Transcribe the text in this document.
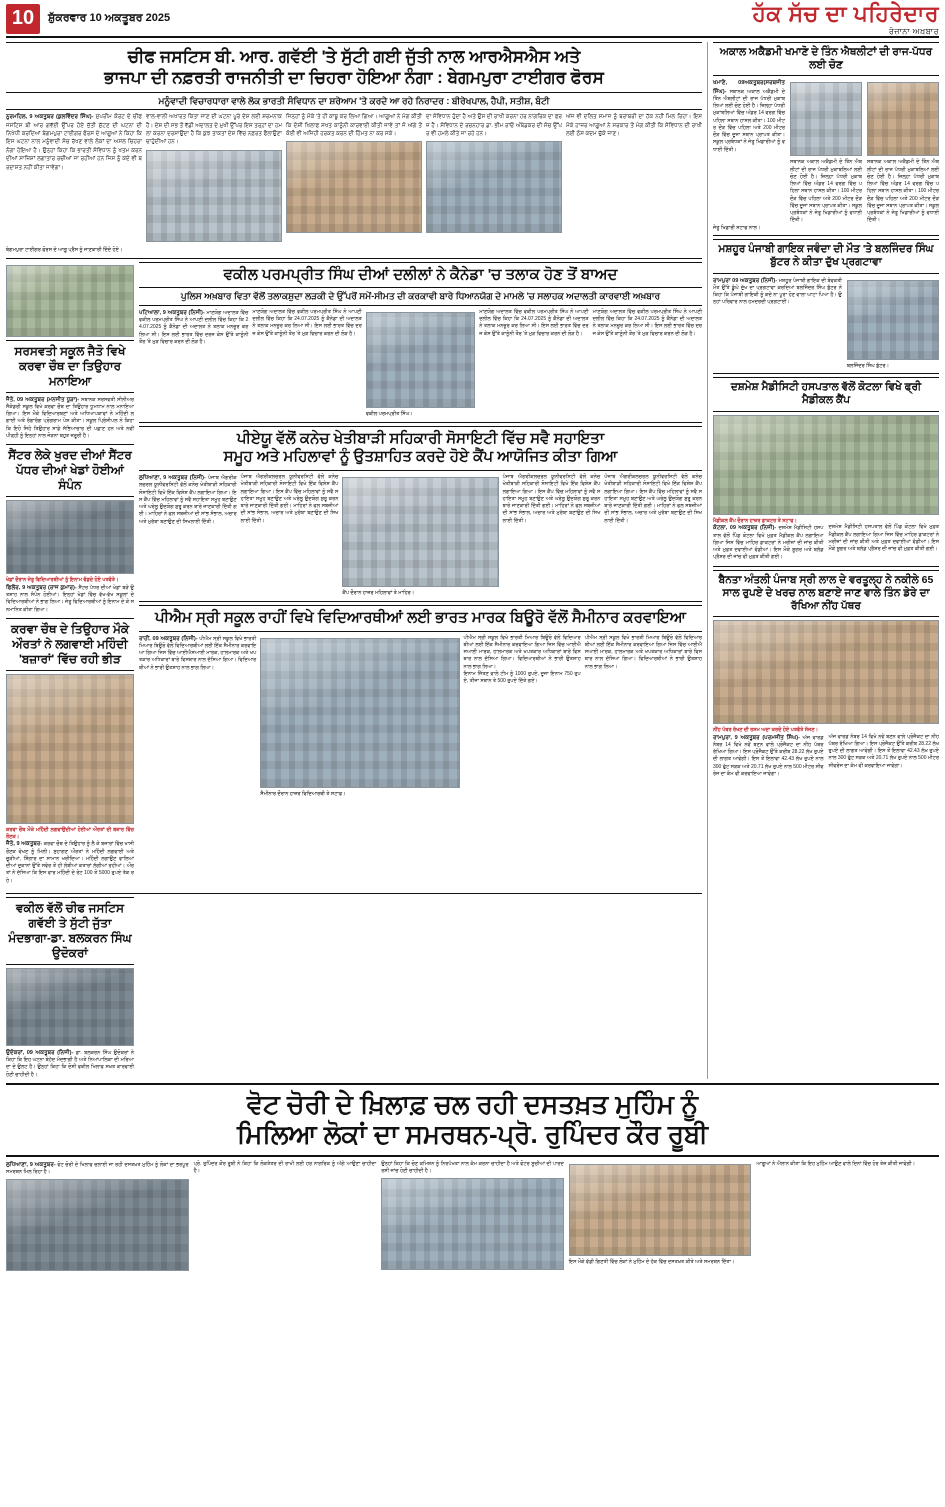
10	ਸ਼ੁੱਕਰਵਾਰ 10 ਅਕਤੂਬਰ 2025	ਹੱਕ ਸੱਚ ਦਾ ਪਹਿਰੇਦਾਰ
ਰੋਜ਼ਾਨਾ ਅਖ਼ਬਾਰ
ਚੀਫ ਜਸਟਿਸ ਬੀ. ਆਰ. ਗਵੱਈ 'ਤੇ ਸੁੱਟੀ ਗਈ ਜੁੱਤੀ ਨਾਲ ਆਰਐਸਐਸ ਅਤੇ
ਭਾਜਪਾ ਦੀ ਨਫ਼ਰਤੀ ਰਾਜਨੀਤੀ ਦਾ ਚਿਹਰਾ ਹੋਇਆ ਨੰਗਾ : ਬੇਗਮਪੁਰਾ ਟਾਈਗਰ ਫੋਰਸ
ਮਨੂੰਵਾਦੀ ਵਿਚਾਰਧਾਰਾ ਵਾਲੇ ਲੋਕ ਭਾਰਤੀ ਸੰਵਿਧਾਨ ਦਾ ਸ਼ਰੇਆਮ 'ਤੇ ਕਰਦੇ ਆ ਰਹੇ ਨਿਰਾਦਰ : ਬੀਰੇਖਪਾਲ, ਹੈਪੀ, ਸਤੀਸ਼, ਬੰਟੀ
ਨੂਰਮਹਿਲ, 9 ਅਕਤੂਬਰ (ਕੁਲਵਿੰਦਰ ਸਿੰਘ)- ਸੁਪਰੀਮ ਕੋਰਟ ਦੇ ਚੀਫ ਜਸਟਿਸ ਬੀ ਆਰ ਗਵੱਈ ਉੱਪਰ ਹੋਏ ਜੁੱਤੀ ਸੁੱਟਣ ਦੀ ਘਟਨਾ ਦੀ ਨਿਖੇਧੀ ਕਰਦਿਆਂ ਬੇਗਮਪੁਰਾ ਟਾਈਗਰ ਫੋਰਸ ਦੇ ਆਗੂਆਂ ਨੇ ਕਿਹਾ ਕਿ ਇਸ ਘਟਨਾ ਨਾਲ ਮਨੂੰਵਾਦੀ ਸੋਚ ਰੱਖਣ ਵਾਲੇ ਲੋਕਾਂ ਦਾ ਅਸਲ ਚਿਹਰਾ ਨੰਗਾ ਹੋਇਆ ਹੈ। ਉਨ੍ਹਾਂ ਕਿਹਾ ਕਿ ਭਾਰਤੀ ਸੰਵਿਧਾਨ ਨੂੰ ਖਤਮ ਕਰਨ ਦੀਆਂ ਸਾਜ਼ਿਸ਼ਾਂ ਲਗਾਤਾਰ ਰਚੀਆਂ ਜਾ ਰਹੀਆਂ ਹਨ ਜਿਸ ਨੂੰ ਕਦੇ ਵੀ ਬਰਦਾਸ਼ਤ ਨਹੀਂ ਕੀਤਾ ਜਾਵੇਗਾ।
ਵਾਲ-ਵਾਲੀ ਅਖਾਰਤ ਕਿਤਾ ਜਾਣ ਦੀ ਘਟਨਾ ਪੂਰੇ ਦੇਸ਼ ਲਈ ਸ਼ਰਮਨਾਕ ਹੈ। ਦੇਸ਼ ਦੀ ਸਭ ਤੋਂ ਵੱਡੀ ਅਦਾਲਤ ਦੇ ਮੁਖੀ ਉੱਪਰ ਇਸ ਤਰ੍ਹਾਂ ਦਾ ਹਮਲਾ ਕਰਨਾ ਦਰਸਾਉਂਦਾ ਹੈ ਕਿ ਕੁਝ ਤਾਕਤਾਂ ਦੇਸ਼ ਵਿੱਚ ਨਫ਼ਰਤ ਫੈਲਾਉਣਾ ਚਾਹੁੰਦੀਆਂ ਹਨ।
ਜਿਨ੍ਹਾਂ ਨੂੰ ਮੌਕੇ 'ਤੇ ਹੀ ਕਾਬੂ ਕਰ ਲਿਆ ਗਿਆ। ਆਗੂਆਂ ਨੇ ਮੰਗ ਕੀਤੀ ਕਿ ਦੋਸ਼ੀ ਖਿਲਾਫ ਸਖਤ ਕਾਨੂੰਨੀ ਕਾਰਵਾਈ ਕੀਤੀ ਜਾਵੇ ਤਾਂ ਜੋ ਅੱਗੇ ਤੋਂ ਕੋਈ ਵੀ ਅਜਿਹੀ ਹਰਕਤ ਕਰਨ ਦੀ ਹਿੰਮਤ ਨਾ ਕਰ ਸਕੇ।
ਦਾ ਸੰਵਿਧਾਨ ਹੁੰਦਾ ਹੈ ਅਤੇ ਉਸ ਦੀ ਰਾਖੀ ਕਰਨਾ ਹਰ ਨਾਗਰਿਕ ਦਾ ਫਰਜ਼ ਹੈ। ਸੰਵਿਧਾਨ ਦੇ ਰਚਨਹਾਰ ਡਾ. ਭੀਮ ਰਾਓ ਅੰਬੇਡਕਰ ਦੀ ਸੋਚ ਉੱਪਰ ਵੀ ਹਮਲੇ ਕੀਤੇ ਜਾ ਰਹੇ ਹਨ।
ਅੱਜ ਵੀ ਦਲਿਤ ਸਮਾਜ ਨੂੰ ਬਰਾਬਰੀ ਦਾ ਹੱਕ ਨਹੀਂ ਮਿਲ ਰਿਹਾ। ਇਸ ਮੌਕੇ ਹਾਜ਼ਰ ਆਗੂਆਂ ਨੇ ਸਰਕਾਰ ਤੋਂ ਮੰਗ ਕੀਤੀ ਕਿ ਸੰਵਿਧਾਨ ਦੀ ਰਾਖੀ ਲਈ ਠੋਸ ਕਦਮ ਚੁੱਕੇ ਜਾਣ।
ਬੇਗਮਪੁਰਾ ਟਾਈਗਰ ਫੋਰਸ ਦੇ ਆਗੂ ਪ੍ਰੈਸ ਨੂੰ ਜਾਣਕਾਰੀ ਦਿੰਦੇ ਹੋਏ।
ਸਰਸਵਤੀ ਸਕੂਲ ਜੈਤੋ ਵਿਖੇ ਕਰਵਾ ਚੌਥ ਦਾ ਤਿਉਹਾਰ ਮਨਾਇਆ
ਜੈਤੋ, 09 ਅਕਤੂਬਰ (ਮਨਜੀਤ ਧੂੜਾ)- ਸਥਾਨਕ ਸਰਸਵਤੀ ਸੀਨੀਅਰ ਸੈਕੰਡਰੀ ਸਕੂਲ ਵਿਖੇ ਕਰਵਾ ਚੌਥ ਦਾ ਤਿਉਹਾਰ ਧੂਮਧਾਮ ਨਾਲ ਮਨਾਇਆ ਗਿਆ। ਇਸ ਮੌਕੇ ਵਿਦਿਆਰਥਣਾਂ ਅਤੇ ਅਧਿਆਪਕਾਵਾਂ ਨੇ ਮਹਿੰਦੀ ਲਗਾਈ ਅਤੇ ਰੰਗਾਰੰਗ ਪ੍ਰੋਗਰਾਮ ਪੇਸ਼ ਕੀਤਾ। ਸਕੂਲ ਪ੍ਰਿੰਸੀਪਲ ਨੇ ਕਿਹਾ ਕਿ ਇਹੋ ਜਿਹੇ ਤਿਉਹਾਰ ਸਾਡੇ ਸੱਭਿਆਚਾਰ ਦੀ ਪਛਾਣ ਹਨ ਅਤੇ ਨਵੀਂ ਪੀੜ੍ਹੀ ਨੂੰ ਇਨ੍ਹਾਂ ਨਾਲ ਜੋੜਨਾ ਬਹੁਤ ਜ਼ਰੂਰੀ ਹੈ।
ਸੈਂਟਰ ਲੇਕੇ ਖੁਰਦ ਦੀਆਂ ਸੈਂਟਰ ਪੱਧਰ ਦੀਆਂ ਖੇਡਾਂ ਹੋਈਆਂ ਸੰਪੰਨ
ਖੇਡਾਂ ਦੌਰਾਨ ਜੇਤੂ ਵਿਦਿਆਰਥੀਆਂ ਨੂੰ ਇਨਾਮ ਵੰਡਦੇ ਹੋਏ ਪਤਵੰਤੇ।
ਫਿਲੌਰ, 9 ਅਕਤੂਬਰ (ਰਾਜ ਕੁਮਾਰ)- ਸੈਂਟਰ ਪੱਧਰ ਦੀਆਂ ਖੇਡਾਂ ਬੜੇ ਉਤਸ਼ਾਹ ਨਾਲ ਸੰਪੰਨ ਹੋਈਆਂ। ਇਨ੍ਹਾਂ ਖੇਡਾਂ ਵਿੱਚ ਵੱਖ-ਵੱਖ ਸਕੂਲਾਂ ਦੇ ਵਿਦਿਆਰਥੀਆਂ ਨੇ ਭਾਗ ਲਿਆ। ਜੇਤੂ ਵਿਦਿਆਰਥੀਆਂ ਨੂੰ ਇਨਾਮ ਦੇ ਕੇ ਸਨਮਾਨਿਤ ਕੀਤਾ ਗਿਆ।
ਕਰਵਾ ਚੌਥ ਦੇ ਤਿਉਹਾਰ ਮੌਕੇ ਔਰਤਾਂ ਨੇ ਲਗਵਾਈ ਮਹਿੰਦੀ 'ਬਜ਼ਾਰਾਂ' ਵਿੱਚ ਰਹੀ ਭੀੜ
ਕਰਵਾ ਚੌਥ ਮੌਕੇ ਮਹਿੰਦੀ ਲਗਵਾਉਂਦੀਆਂ ਹੋਈਆਂ ਔਰਤਾਂ ਦੀ ਬਜ਼ਾਰ ਵਿੱਚ ਰੌਣਕ।
ਜੈਤੋ, 9 ਅਕਤੂਬਰ- ਕਰਵਾ ਚੌਥ ਦੇ ਤਿਉਹਾਰ ਨੂੰ ਲੈ ਕੇ ਬਜ਼ਾਰਾਂ ਵਿੱਚ ਖਾਸੀ ਰੌਣਕ ਵੇਖਣ ਨੂੰ ਮਿਲੀ। ਸੁਹਾਗਣ ਔਰਤਾਂ ਨੇ ਮਹਿੰਦੀ ਲਗਵਾਈ ਅਤੇ ਚੂੜੀਆਂ, ਸ਼ਿੰਗਾਰ ਦਾ ਸਾਮਾਨ ਖਰੀਦਿਆ। ਮਹਿੰਦੀ ਲਗਾਉਣ ਵਾਲਿਆਂ ਦੀਆਂ ਦੁਕਾਨਾਂ ਉੱਤੇ ਸਵੇਰ ਤੋਂ ਹੀ ਲੰਬੀਆਂ ਕਤਾਰਾਂ ਲੱਗੀਆਂ ਰਹੀਆਂ। ਔਰਤਾਂ ਨੇ ਦੱਸਿਆ ਕਿ ਇਸ ਵਾਰ ਮਹਿੰਦੀ ਦੇ ਰੇਟ 100 ਤੋਂ 5000 ਰੁਪਏ ਤੱਕ ਰਹੇ।
ਵਕੀਲ ਪਰਮਪ੍ਰੀਤ ਸਿੰਘ ਦੀਆਂ ਦਲੀਲਾਂ ਨੇ ਕੈਨੇਡਾ 'ਚ ਤਲਾਕ ਹੋਣ ਤੋਂ ਬਾਅਦ
ਪੁਲਿਸ ਅਖ਼ਬਾਰ ਵਿਤਾ ਵੱਲੋਂ ਤਲਾਕਸ਼ੁਦਾ ਲੜਕੀ ਦੇ ਉੱਪਰੋਂ ਸਮੇਂ-ਸੀਮਤ ਦੀ ਕਰਕਾਵੀ ਬਾਰੇ ਧਿਆਨਯੋਗ ਦੇ ਮਾਮਲੇ 'ਚ ਸਲਾਹਕ ਅਦਾਲਤੀ ਕਾਰਵਾਈ ਅਖ਼ਬਾਰ
ਪਟਿਆਲਾ, 9 ਅਕਤੂਬਰ (ਨਿਜੀ)- ਮਾਣਯੋਗ ਅਦਾਲਤ ਵਿੱਚ ਵਕੀਲ ਪਰਮਪ੍ਰੀਤ ਸਿੰਘ ਨੇ ਆਪਣੀ ਦਲੀਲ ਵਿੱਚ ਕਿਹਾ ਕਿ 24.07.2025 ਨੂੰ ਕੈਨੇਡਾ ਦੀ ਅਦਾਲਤ ਨੇ ਤਲਾਕ ਮਨਜ਼ੂਰ ਕਰ ਲਿਆ ਸੀ। ਇਸ ਲਈ ਭਾਰਤ ਵਿੱਚ ਦਰਜ ਕੇਸ ਉੱਤੇ ਕਾਨੂੰਨੀ ਤੌਰ 'ਤੇ ਮੁੜ ਵਿਚਾਰ ਕਰਨ ਦੀ ਲੋੜ ਹੈ।
ਮਾਣਯੋਗ ਅਦਾਲਤ ਵਿੱਚ ਵਕੀਲ ਪਰਮਪ੍ਰੀਤ ਸਿੰਘ ਨੇ ਆਪਣੀ ਦਲੀਲ ਵਿੱਚ ਕਿਹਾ ਕਿ 24.07.2025 ਨੂੰ ਕੈਨੇਡਾ ਦੀ ਅਦਾਲਤ ਨੇ ਤਲਾਕ ਮਨਜ਼ੂਰ ਕਰ ਲਿਆ ਸੀ। ਇਸ ਲਈ ਭਾਰਤ ਵਿੱਚ ਦਰਜ ਕੇਸ ਉੱਤੇ ਕਾਨੂੰਨੀ ਤੌਰ 'ਤੇ ਮੁੜ ਵਿਚਾਰ ਕਰਨ ਦੀ ਲੋੜ ਹੈ।
ਵਕੀਲ ਪਰਮਪ੍ਰੀਤ ਸਿੰਘ।
ਮਾਣਯੋਗ ਅਦਾਲਤ ਵਿੱਚ ਵਕੀਲ ਪਰਮਪ੍ਰੀਤ ਸਿੰਘ ਨੇ ਆਪਣੀ ਦਲੀਲ ਵਿੱਚ ਕਿਹਾ ਕਿ 24.07.2025 ਨੂੰ ਕੈਨੇਡਾ ਦੀ ਅਦਾਲਤ ਨੇ ਤਲਾਕ ਮਨਜ਼ੂਰ ਕਰ ਲਿਆ ਸੀ। ਇਸ ਲਈ ਭਾਰਤ ਵਿੱਚ ਦਰਜ ਕੇਸ ਉੱਤੇ ਕਾਨੂੰਨੀ ਤੌਰ 'ਤੇ ਮੁੜ ਵਿਚਾਰ ਕਰਨ ਦੀ ਲੋੜ ਹੈ।
ਮਾਣਯੋਗ ਅਦਾਲਤ ਵਿੱਚ ਵਕੀਲ ਪਰਮਪ੍ਰੀਤ ਸਿੰਘ ਨੇ ਆਪਣੀ ਦਲੀਲ ਵਿੱਚ ਕਿਹਾ ਕਿ 24.07.2025 ਨੂੰ ਕੈਨੇਡਾ ਦੀ ਅਦਾਲਤ ਨੇ ਤਲਾਕ ਮਨਜ਼ੂਰ ਕਰ ਲਿਆ ਸੀ। ਇਸ ਲਈ ਭਾਰਤ ਵਿੱਚ ਦਰਜ ਕੇਸ ਉੱਤੇ ਕਾਨੂੰਨੀ ਤੌਰ 'ਤੇ ਮੁੜ ਵਿਚਾਰ ਕਰਨ ਦੀ ਲੋੜ ਹੈ।
ਪੀਏਯੂ ਵੱਲੋਂ ਕਨੇਚ ਖੇਤੀਬਾੜੀ ਸਹਿਕਾਰੀ ਸੋਸਾਇਟੀ ਵਿੱਚ ਸਵੈ ਸਹਾਇਤਾ
ਸਮੂਹ ਅਤੇ ਮਹਿਲਾਵਾਂ ਨੂੰ ਉਤਸ਼ਾਹਿਤ ਕਰਦੇ ਹੋਏ ਕੈਂਪ ਆਯੋਜਿਤ ਕੀਤਾ ਗਿਆ
ਲੁਧਿਆਣਾ, 9 ਅਕਤੂਬਰ (ਨਿਜੀ)- ਪੰਜਾਬ ਐਗਰੀਕਲਚਰਲ ਯੂਨੀਵਰਸਿਟੀ ਵੱਲੋਂ ਕਨੇਚ ਖੇਤੀਬਾੜੀ ਸਹਿਕਾਰੀ ਸੋਸਾਇਟੀ ਵਿਖੇ ਇੱਕ ਵਿਸ਼ੇਸ਼ ਕੈਂਪ ਲਗਾਇਆ ਗਿਆ। ਇਸ ਕੈਂਪ ਵਿੱਚ ਮਹਿਲਾਵਾਂ ਨੂੰ ਸਵੈ ਸਹਾਇਤਾ ਸਮੂਹ ਬਣਾਉਣ ਅਤੇ ਘਰੇਲੂ ਉਦਯੋਗ ਸ਼ੁਰੂ ਕਰਨ ਬਾਰੇ ਜਾਣਕਾਰੀ ਦਿੱਤੀ ਗਈ। ਮਾਹਿਰਾਂ ਨੇ ਫਲ ਸਬਜ਼ੀਆਂ ਦੀ ਸਾਂਭ ਸੰਭਾਲ, ਅਚਾਰ ਅਤੇ ਮੁਰੱਬਾ ਬਣਾਉਣ ਦੀ ਸਿਖਲਾਈ ਦਿੱਤੀ।
ਪੰਜਾਬ ਐਗਰੀਕਲਚਰਲ ਯੂਨੀਵਰਸਿਟੀ ਵੱਲੋਂ ਕਨੇਚ ਖੇਤੀਬਾੜੀ ਸਹਿਕਾਰੀ ਸੋਸਾਇਟੀ ਵਿਖੇ ਇੱਕ ਵਿਸ਼ੇਸ਼ ਕੈਂਪ ਲਗਾਇਆ ਗਿਆ। ਇਸ ਕੈਂਪ ਵਿੱਚ ਮਹਿਲਾਵਾਂ ਨੂੰ ਸਵੈ ਸਹਾਇਤਾ ਸਮੂਹ ਬਣਾਉਣ ਅਤੇ ਘਰੇਲੂ ਉਦਯੋਗ ਸ਼ੁਰੂ ਕਰਨ ਬਾਰੇ ਜਾਣਕਾਰੀ ਦਿੱਤੀ ਗਈ। ਮਾਹਿਰਾਂ ਨੇ ਫਲ ਸਬਜ਼ੀਆਂ ਦੀ ਸਾਂਭ ਸੰਭਾਲ, ਅਚਾਰ ਅਤੇ ਮੁਰੱਬਾ ਬਣਾਉਣ ਦੀ ਸਿਖਲਾਈ ਦਿੱਤੀ।
ਕੈਂਪ ਦੌਰਾਨ ਹਾਜ਼ਰ ਮਹਿਲਾਵਾਂ ਤੇ ਮਾਹਿਰ।
ਪੰਜਾਬ ਐਗਰੀਕਲਚਰਲ ਯੂਨੀਵਰਸਿਟੀ ਵੱਲੋਂ ਕਨੇਚ ਖੇਤੀਬਾੜੀ ਸਹਿਕਾਰੀ ਸੋਸਾਇਟੀ ਵਿਖੇ ਇੱਕ ਵਿਸ਼ੇਸ਼ ਕੈਂਪ ਲਗਾਇਆ ਗਿਆ। ਇਸ ਕੈਂਪ ਵਿੱਚ ਮਹਿਲਾਵਾਂ ਨੂੰ ਸਵੈ ਸਹਾਇਤਾ ਸਮੂਹ ਬਣਾਉਣ ਅਤੇ ਘਰੇਲੂ ਉਦਯੋਗ ਸ਼ੁਰੂ ਕਰਨ ਬਾਰੇ ਜਾਣਕਾਰੀ ਦਿੱਤੀ ਗਈ। ਮਾਹਿਰਾਂ ਨੇ ਫਲ ਸਬਜ਼ੀਆਂ ਦੀ ਸਾਂਭ ਸੰਭਾਲ, ਅਚਾਰ ਅਤੇ ਮੁਰੱਬਾ ਬਣਾਉਣ ਦੀ ਸਿਖਲਾਈ ਦਿੱਤੀ।
ਪੰਜਾਬ ਐਗਰੀਕਲਚਰਲ ਯੂਨੀਵਰਸਿਟੀ ਵੱਲੋਂ ਕਨੇਚ ਖੇਤੀਬਾੜੀ ਸਹਿਕਾਰੀ ਸੋਸਾਇਟੀ ਵਿਖੇ ਇੱਕ ਵਿਸ਼ੇਸ਼ ਕੈਂਪ ਲਗਾਇਆ ਗਿਆ। ਇਸ ਕੈਂਪ ਵਿੱਚ ਮਹਿਲਾਵਾਂ ਨੂੰ ਸਵੈ ਸਹਾਇਤਾ ਸਮੂਹ ਬਣਾਉਣ ਅਤੇ ਘਰੇਲੂ ਉਦਯੋਗ ਸ਼ੁਰੂ ਕਰਨ ਬਾਰੇ ਜਾਣਕਾਰੀ ਦਿੱਤੀ ਗਈ। ਮਾਹਿਰਾਂ ਨੇ ਫਲ ਸਬਜ਼ੀਆਂ ਦੀ ਸਾਂਭ ਸੰਭਾਲ, ਅਚਾਰ ਅਤੇ ਮੁਰੱਬਾ ਬਣਾਉਣ ਦੀ ਸਿਖਲਾਈ ਦਿੱਤੀ।
ਪੀਐਮ ਸ੍ਰੀ ਸਕੂਲ ਰਾਹੀਂ ਵਿਖੇ ਵਿਦਿਆਰਥੀਆਂ ਲਈ ਭਾਰਤ ਮਾਰਕ ਬਿਊਰੋ ਵੱਲੋਂ ਸੈਮੀਨਾਰ ਕਰਵਾਇਆ
ਰਾਹੀਂ, 09 ਅਕਤੂਬਰ (ਨਿਜੀ)- ਪੀਐਮ ਸ੍ਰੀ ਸਕੂਲ ਵਿਖੇ ਭਾਰਤੀ ਮਿਆਰ ਬਿਊਰੋ ਵੱਲੋਂ ਵਿਦਿਆਰਥੀਆਂ ਲਈ ਇੱਕ ਸੈਮੀਨਾਰ ਕਰਵਾਇਆ ਗਿਆ ਜਿਸ ਵਿੱਚ ਆਈਐਸਆਈ ਮਾਰਕ, ਹਾਲਮਾਰਕ ਅਤੇ ਖਪਤਕਾਰ ਅਧਿਕਾਰਾਂ ਬਾਰੇ ਵਿਸਥਾਰ ਨਾਲ ਦੱਸਿਆ ਗਿਆ। ਵਿਦਿਆਰਥੀਆਂ ਨੇ ਭਾਰੀ ਉਤਸ਼ਾਹ ਨਾਲ ਭਾਗ ਲਿਆ।
ਸੈਮੀਨਾਰ ਦੌਰਾਨ ਹਾਜ਼ਰ ਵਿਦਿਆਰਥੀ ਤੇ ਸਟਾਫ।
ਪੀਐਮ ਸ੍ਰੀ ਸਕੂਲ ਵਿਖੇ ਭਾਰਤੀ ਮਿਆਰ ਬਿਊਰੋ ਵੱਲੋਂ ਵਿਦਿਆਰਥੀਆਂ ਲਈ ਇੱਕ ਸੈਮੀਨਾਰ ਕਰਵਾਇਆ ਗਿਆ ਜਿਸ ਵਿੱਚ ਆਈਐਸਆਈ ਮਾਰਕ, ਹਾਲਮਾਰਕ ਅਤੇ ਖਪਤਕਾਰ ਅਧਿਕਾਰਾਂ ਬਾਰੇ ਵਿਸਥਾਰ ਨਾਲ ਦੱਸਿਆ ਗਿਆ। ਵਿਦਿਆਰਥੀਆਂ ਨੇ ਭਾਰੀ ਉਤਸ਼ਾਹ ਨਾਲ ਭਾਗ ਲਿਆ।
ਇਨਾਮ ਜਿੱਤਣ ਵਾਲੇ ਟੀਮ ਨੂੰ 1000 ਰੁਪਏ, ਦੂਜਾ ਇਨਾਮ 750 ਰੁਪਏ, ਤੀਜਾ ਸਥਾਨ ਤੇ 500 ਰੁਪਏ ਦਿੱਤੇ ਗਏ।
ਪੀਐਮ ਸ੍ਰੀ ਸਕੂਲ ਵਿਖੇ ਭਾਰਤੀ ਮਿਆਰ ਬਿਊਰੋ ਵੱਲੋਂ ਵਿਦਿਆਰਥੀਆਂ ਲਈ ਇੱਕ ਸੈਮੀਨਾਰ ਕਰਵਾਇਆ ਗਿਆ ਜਿਸ ਵਿੱਚ ਆਈਐਸਆਈ ਮਾਰਕ, ਹਾਲਮਾਰਕ ਅਤੇ ਖਪਤਕਾਰ ਅਧਿਕਾਰਾਂ ਬਾਰੇ ਵਿਸਥਾਰ ਨਾਲ ਦੱਸਿਆ ਗਿਆ। ਵਿਦਿਆਰਥੀਆਂ ਨੇ ਭਾਰੀ ਉਤਸ਼ਾਹ ਨਾਲ ਭਾਗ ਲਿਆ।
ਵਕੀਲ ਵੱਲੋਂ ਚੀਫ ਜਸਟਿਸ ਗਵੱਈ ਤੇ ਸੁੱਟੀ ਜੁੱਤਾ ਮੰਦਭਾਗਾ-ਡਾ. ਬਲਕਰਨ ਸਿੰਘ ਉਦੋਕਰਾਂ
ਉਦੋਕਰਾਂ, 09 ਅਕਤੂਬਰ (ਨਿਜੀ)- ਡਾ. ਬਲਕਰਨ ਸਿੰਘ ਉਦੋਕਰਾਂ ਨੇ ਕਿਹਾ ਕਿ ਇਹ ਘਟਨਾ ਬੇਹੱਦ ਮੰਦਭਾਗੀ ਹੈ ਅਤੇ ਨਿਆਂਪਾਲਿਕਾ ਦੀ ਮਰਿਆਦਾ ਦੇ ਉਲਟ ਹੈ। ਉਨ੍ਹਾਂ ਕਿਹਾ ਕਿ ਦੋਸ਼ੀ ਵਕੀਲ ਖਿਲਾਫ ਸਖ਼ਤ ਕਾਰਵਾਈ ਹੋਣੀ ਚਾਹੀਦੀ ਹੈ।
ਅਕਾਲ ਅਕੈਡਮੀ ਖਮਾਣੋ ਦੇ ਤਿੰਨ ਐਥਲੀਟਾਂ ਦੀ ਰਾਜ-ਪੱਧਰ ਲਈ ਚੋਣ
ਖਮਾਣੋ, 09ਅਕਤੂਬਰ(ਸਰਬਜੀਤ ਸਿੰਘ)- ਸਥਾਨਕ ਅਕਾਲ ਅਕੈਡਮੀ ਦੇ ਤਿੰਨ ਐਥਲੀਟਾਂ ਦੀ ਰਾਜ ਪੱਧਰੀ ਮੁਕਾਬਲਿਆਂ ਲਈ ਚੋਣ ਹੋਈ ਹੈ। ਜ਼ਿਲ੍ਹਾ ਪੱਧਰੀ ਮੁਕਾਬਲਿਆਂ ਵਿੱਚ ਅੰਡਰ 14 ਵਰਗ ਵਿੱਚ ਪਹਿਲਾ ਸਥਾਨ ਹਾਸਲ ਕੀਤਾ। 100 ਮੀਟਰ ਦੌੜ ਵਿੱਚ ਪਹਿਲਾ ਅਤੇ 200 ਮੀਟਰ ਦੌੜ ਵਿੱਚ ਦੂਜਾ ਸਥਾਨ ਪ੍ਰਾਪਤ ਕੀਤਾ। ਸਕੂਲ ਪ੍ਰਬੰਧਕਾਂ ਨੇ ਜੇਤੂ ਖਿਡਾਰੀਆਂ ਨੂੰ ਵਧਾਈ ਦਿੱਤੀ।
ਸਥਾਨਕ ਅਕਾਲ ਅਕੈਡਮੀ ਦੇ ਤਿੰਨ ਐਥਲੀਟਾਂ ਦੀ ਰਾਜ ਪੱਧਰੀ ਮੁਕਾਬਲਿਆਂ ਲਈ ਚੋਣ ਹੋਈ ਹੈ। ਜ਼ਿਲ੍ਹਾ ਪੱਧਰੀ ਮੁਕਾਬਲਿਆਂ ਵਿੱਚ ਅੰਡਰ 14 ਵਰਗ ਵਿੱਚ ਪਹਿਲਾ ਸਥਾਨ ਹਾਸਲ ਕੀਤਾ। 100 ਮੀਟਰ ਦੌੜ ਵਿੱਚ ਪਹਿਲਾ ਅਤੇ 200 ਮੀਟਰ ਦੌੜ ਵਿੱਚ ਦੂਜਾ ਸਥਾਨ ਪ੍ਰਾਪਤ ਕੀਤਾ। ਸਕੂਲ ਪ੍ਰਬੰਧਕਾਂ ਨੇ ਜੇਤੂ ਖਿਡਾਰੀਆਂ ਨੂੰ ਵਧਾਈ ਦਿੱਤੀ।
ਸਥਾਨਕ ਅਕਾਲ ਅਕੈਡਮੀ ਦੇ ਤਿੰਨ ਐਥਲੀਟਾਂ ਦੀ ਰਾਜ ਪੱਧਰੀ ਮੁਕਾਬਲਿਆਂ ਲਈ ਚੋਣ ਹੋਈ ਹੈ। ਜ਼ਿਲ੍ਹਾ ਪੱਧਰੀ ਮੁਕਾਬਲਿਆਂ ਵਿੱਚ ਅੰਡਰ 14 ਵਰਗ ਵਿੱਚ ਪਹਿਲਾ ਸਥਾਨ ਹਾਸਲ ਕੀਤਾ। 100 ਮੀਟਰ ਦੌੜ ਵਿੱਚ ਪਹਿਲਾ ਅਤੇ 200 ਮੀਟਰ ਦੌੜ ਵਿੱਚ ਦੂਜਾ ਸਥਾਨ ਪ੍ਰਾਪਤ ਕੀਤਾ। ਸਕੂਲ ਪ੍ਰਬੰਧਕਾਂ ਨੇ ਜੇਤੂ ਖਿਡਾਰੀਆਂ ਨੂੰ ਵਧਾਈ ਦਿੱਤੀ।
ਜੇਤੂ ਖਿਡਾਰੀ ਸਟਾਫ ਨਾਲ।
ਮਸ਼ਹੂਰ ਪੰਜਾਬੀ ਗਾਇਕ ਜਵੰਦਾ ਦੀ ਮੌਤ 'ਤੇ ਬਲਜਿੰਦਰ ਸਿੰਘ ਬੁੱਟਰ ਨੇ ਕੀਤਾ ਦੁੱਖ ਪ੍ਰਗਟਾਵਾ
ਰਾਮਪੁਰਾ 09 ਅਕਤੂਬਰ (ਨਿਜੀ)- ਮਸ਼ਹੂਰ ਪੰਜਾਬੀ ਗਾਇਕ ਦੀ ਬੇਵਕਤੀ ਮੌਤ ਉੱਤੇ ਡੂੰਘੇ ਦੁੱਖ ਦਾ ਪ੍ਰਗਟਾਵਾ ਕਰਦਿਆਂ ਬਲਜਿੰਦਰ ਸਿੰਘ ਬੁੱਟਰ ਨੇ ਕਿਹਾ ਕਿ ਪੰਜਾਬੀ ਗਾਇਕੀ ਨੂੰ ਕਦੇ ਨਾ ਪੂਰਾ ਹੋਣ ਵਾਲਾ ਘਾਟਾ ਪਿਆ ਹੈ। ਉਨ੍ਹਾਂ ਪਰਿਵਾਰ ਨਾਲ ਹਮਦਰਦੀ ਪ੍ਰਗਟਾਈ।
ਬਲਜਿੰਦਰ ਸਿੰਘ ਬੁੱਟਰ।
ਦਸ਼ਮੇਸ਼ ਮੈਡੀਸਿਟੀ ਹਸਪਤਾਲ ਵੱਲੋਂ ਕੋਟਲਾ ਵਿਖੇ ਫ੍ਰੀ ਮੈਡੀਕਲ ਕੈਂਪ
ਮੈਡੀਕਲ ਕੈਂਪ ਦੌਰਾਨ ਹਾਜ਼ਰ ਡਾਕਟਰ ਤੇ ਸਟਾਫ।
ਕੋਟਲਾ, 09 ਅਕਤੂਬਰ (ਨਿਜੀ)- ਦਸ਼ਮੇਸ਼ ਮੈਡੀਸਿਟੀ ਹਸਪਤਾਲ ਵੱਲੋਂ ਪਿੰਡ ਕੋਟਲਾ ਵਿਖੇ ਮੁਫ਼ਤ ਮੈਡੀਕਲ ਕੈਂਪ ਲਗਾਇਆ ਗਿਆ ਜਿਸ ਵਿੱਚ ਮਾਹਿਰ ਡਾਕਟਰਾਂ ਨੇ ਮਰੀਜ਼ਾਂ ਦੀ ਜਾਂਚ ਕੀਤੀ ਅਤੇ ਮੁਫ਼ਤ ਦਵਾਈਆਂ ਵੰਡੀਆਂ। ਇਸ ਮੌਕੇ ਸ਼ੂਗਰ ਅਤੇ ਬਲੱਡ ਪ੍ਰੈਸ਼ਰ ਦੀ ਜਾਂਚ ਵੀ ਮੁਫ਼ਤ ਕੀਤੀ ਗਈ।
ਦਸ਼ਮੇਸ਼ ਮੈਡੀਸਿਟੀ ਹਸਪਤਾਲ ਵੱਲੋਂ ਪਿੰਡ ਕੋਟਲਾ ਵਿਖੇ ਮੁਫ਼ਤ ਮੈਡੀਕਲ ਕੈਂਪ ਲਗਾਇਆ ਗਿਆ ਜਿਸ ਵਿੱਚ ਮਾਹਿਰ ਡਾਕਟਰਾਂ ਨੇ ਮਰੀਜ਼ਾਂ ਦੀ ਜਾਂਚ ਕੀਤੀ ਅਤੇ ਮੁਫ਼ਤ ਦਵਾਈਆਂ ਵੰਡੀਆਂ। ਇਸ ਮੌਕੇ ਸ਼ੂਗਰ ਅਤੇ ਬਲੱਡ ਪ੍ਰੈਸ਼ਰ ਦੀ ਜਾਂਚ ਵੀ ਮੁਫ਼ਤ ਕੀਤੀ ਗਈ।
ਬੈਨਤਾ ਅੰਤਲੀ ਪੰਜਾਬ ਸ੍ਰੀ ਲਾਲ ਦੇ ਵਰਤੂਲ੍ਹ ਨੇ ਨਕੀਲੇ 65 ਸਾਲ ਰੁਪਏ ਦੇ ਖਰਚ ਨਾਲ ਬਣਾਏ ਜਾਣ ਵਾਲੇ ਤਿੰਨ ਡੇਰੇ ਦਾ ਰੱਖਿਆ ਨੀਂਹ ਪੱਥਰ
ਨੀਂਹ ਪੱਥਰ ਰੱਖਣ ਦੀ ਰਸਮ ਅਦਾ ਕਰਦੇ ਹੋਏ ਪਤਵੰਤੇ ਸੱਜਣ।
ਰਾਮਪੁਰਾ, 9 ਅਕਤੂਬਰ (ਪਰਮਜੀਤ ਸਿੰਘ)- ਅੱਜ ਵਾਰਡ ਨੰਬਰ 14 ਵਿਖੇ ਨਵੇਂ ਬਣਨ ਵਾਲੇ ਪ੍ਰੋਜੈਕਟ ਦਾ ਨੀਂਹ ਪੱਥਰ ਰੱਖਿਆ ਗਿਆ। ਇਸ ਪ੍ਰੋਜੈਕਟ ਉੱਤੇ ਕਰੀਬ 28.22 ਲੱਖ ਰੁਪਏ ਦੀ ਲਾਗਤ ਆਵੇਗੀ। ਇਸ ਤੋਂ ਇਲਾਵਾ 42.43 ਲੱਖ ਰੁਪਏ ਨਾਲ 300 ਫੁੱਟ ਸੜਕ ਅਤੇ 20.71 ਲੱਖ ਰੁਪਏ ਨਾਲ 500 ਮੀਟਰ ਸੀਵਰੇਜ ਦਾ ਕੰਮ ਵੀ ਕਰਵਾਇਆ ਜਾਵੇਗਾ।
ਅੱਜ ਵਾਰਡ ਨੰਬਰ 14 ਵਿਖੇ ਨਵੇਂ ਬਣਨ ਵਾਲੇ ਪ੍ਰੋਜੈਕਟ ਦਾ ਨੀਂਹ ਪੱਥਰ ਰੱਖਿਆ ਗਿਆ। ਇਸ ਪ੍ਰੋਜੈਕਟ ਉੱਤੇ ਕਰੀਬ 28.22 ਲੱਖ ਰੁਪਏ ਦੀ ਲਾਗਤ ਆਵੇਗੀ। ਇਸ ਤੋਂ ਇਲਾਵਾ 42.43 ਲੱਖ ਰੁਪਏ ਨਾਲ 300 ਫੁੱਟ ਸੜਕ ਅਤੇ 20.71 ਲੱਖ ਰੁਪਏ ਨਾਲ 500 ਮੀਟਰ ਸੀਵਰੇਜ ਦਾ ਕੰਮ ਵੀ ਕਰਵਾਇਆ ਜਾਵੇਗਾ।
ਵੋਟ ਚੋਰੀ ਦੇ ਖ਼ਿਲਾਫ਼ ਚਲ ਰਹੀ ਦਸਤਖ਼ਤ ਮੁਹਿੰਮ ਨੂੰ
ਮਿਲਿਆ ਲੋਕਾਂ ਦਾ ਸਮਰਥਨ-ਪ੍ਰੋ. ਰੁਪਿੰਦਰ ਕੌਰ ਰੂਬੀ
ਲੁਧਿਆਣਾ, 9 ਅਕਤੂਬਰ- ਵੋਟ ਚੋਰੀ ਦੇ ਖਿਲਾਫ ਚਲਾਈ ਜਾ ਰਹੀ ਦਸਤਖ਼ਤ ਮੁਹਿੰਮ ਨੂੰ ਲੋਕਾਂ ਦਾ ਭਰਪੂਰ ਸਮਰਥਨ ਮਿਲ ਰਿਹਾ ਹੈ।
ਪ੍ਰੋ. ਰੁਪਿੰਦਰ ਕੌਰ ਰੂਬੀ ਨੇ ਕਿਹਾ ਕਿ ਲੋਕਤੰਤਰ ਦੀ ਰਾਖੀ ਲਈ ਹਰ ਨਾਗਰਿਕ ਨੂੰ ਅੱਗੇ ਆਉਣਾ ਚਾਹੀਦਾ ਹੈ।
ਉਨ੍ਹਾਂ ਕਿਹਾ ਕਿ ਚੋਣ ਕਮਿਸ਼ਨ ਨੂੰ ਨਿਰਪੱਖਤਾ ਨਾਲ ਕੰਮ ਕਰਨਾ ਚਾਹੀਦਾ ਹੈ ਅਤੇ ਵੋਟਰ ਸੂਚੀਆਂ ਦੀ ਪਾਰਦਰਸ਼ੀ ਜਾਂਚ ਹੋਣੀ ਚਾਹੀਦੀ ਹੈ।
ਇਸ ਮੌਕੇ ਵੱਡੀ ਗਿਣਤੀ ਵਿੱਚ ਲੋਕਾਂ ਨੇ ਮੁਹਿੰਮ ਦੇ ਹੱਕ ਵਿੱਚ ਦਸਤਖ਼ਤ ਕੀਤੇ ਅਤੇ ਸਮਰਥਨ ਦਿੱਤਾ।
ਆਗੂਆਂ ਨੇ ਐਲਾਨ ਕੀਤਾ ਕਿ ਇਹ ਮੁਹਿੰਮ ਆਉਣ ਵਾਲੇ ਦਿਨਾਂ ਵਿੱਚ ਹੋਰ ਤੇਜ਼ ਕੀਤੀ ਜਾਵੇਗੀ।
